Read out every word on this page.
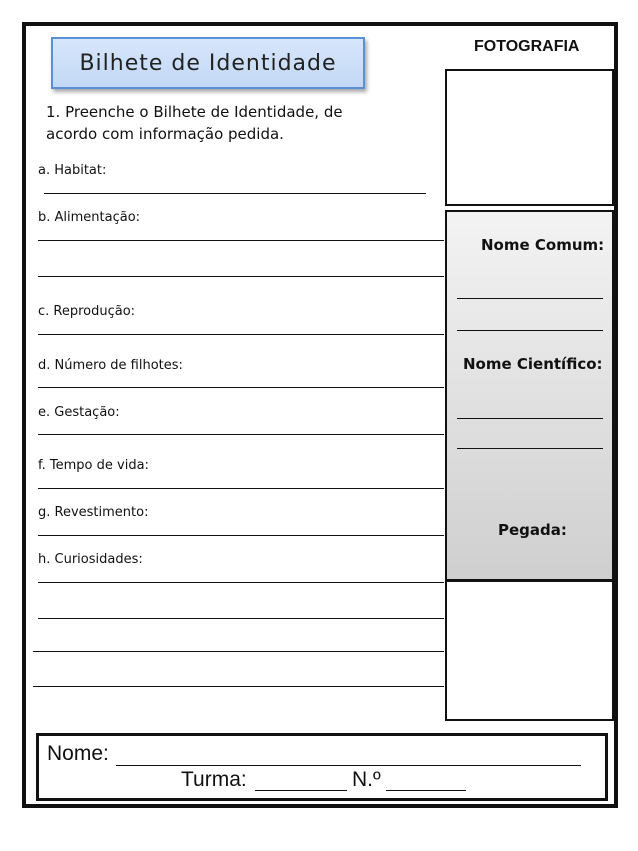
Bilhete de Identidade
1. Preenche o Bilhete de Identidade, de acordo com informação pedida.
a. Habitat:
b. Alimentação:
c. Reprodução:
d. Número de filhotes:
e. Gestação:
f. Tempo de vida:
g. Revestimento:
h. Curiosidades:
FOTOGRAFIA
Nome Comum:
Nome Científico:
Pegada:
Nome:
Turma:	N.º
